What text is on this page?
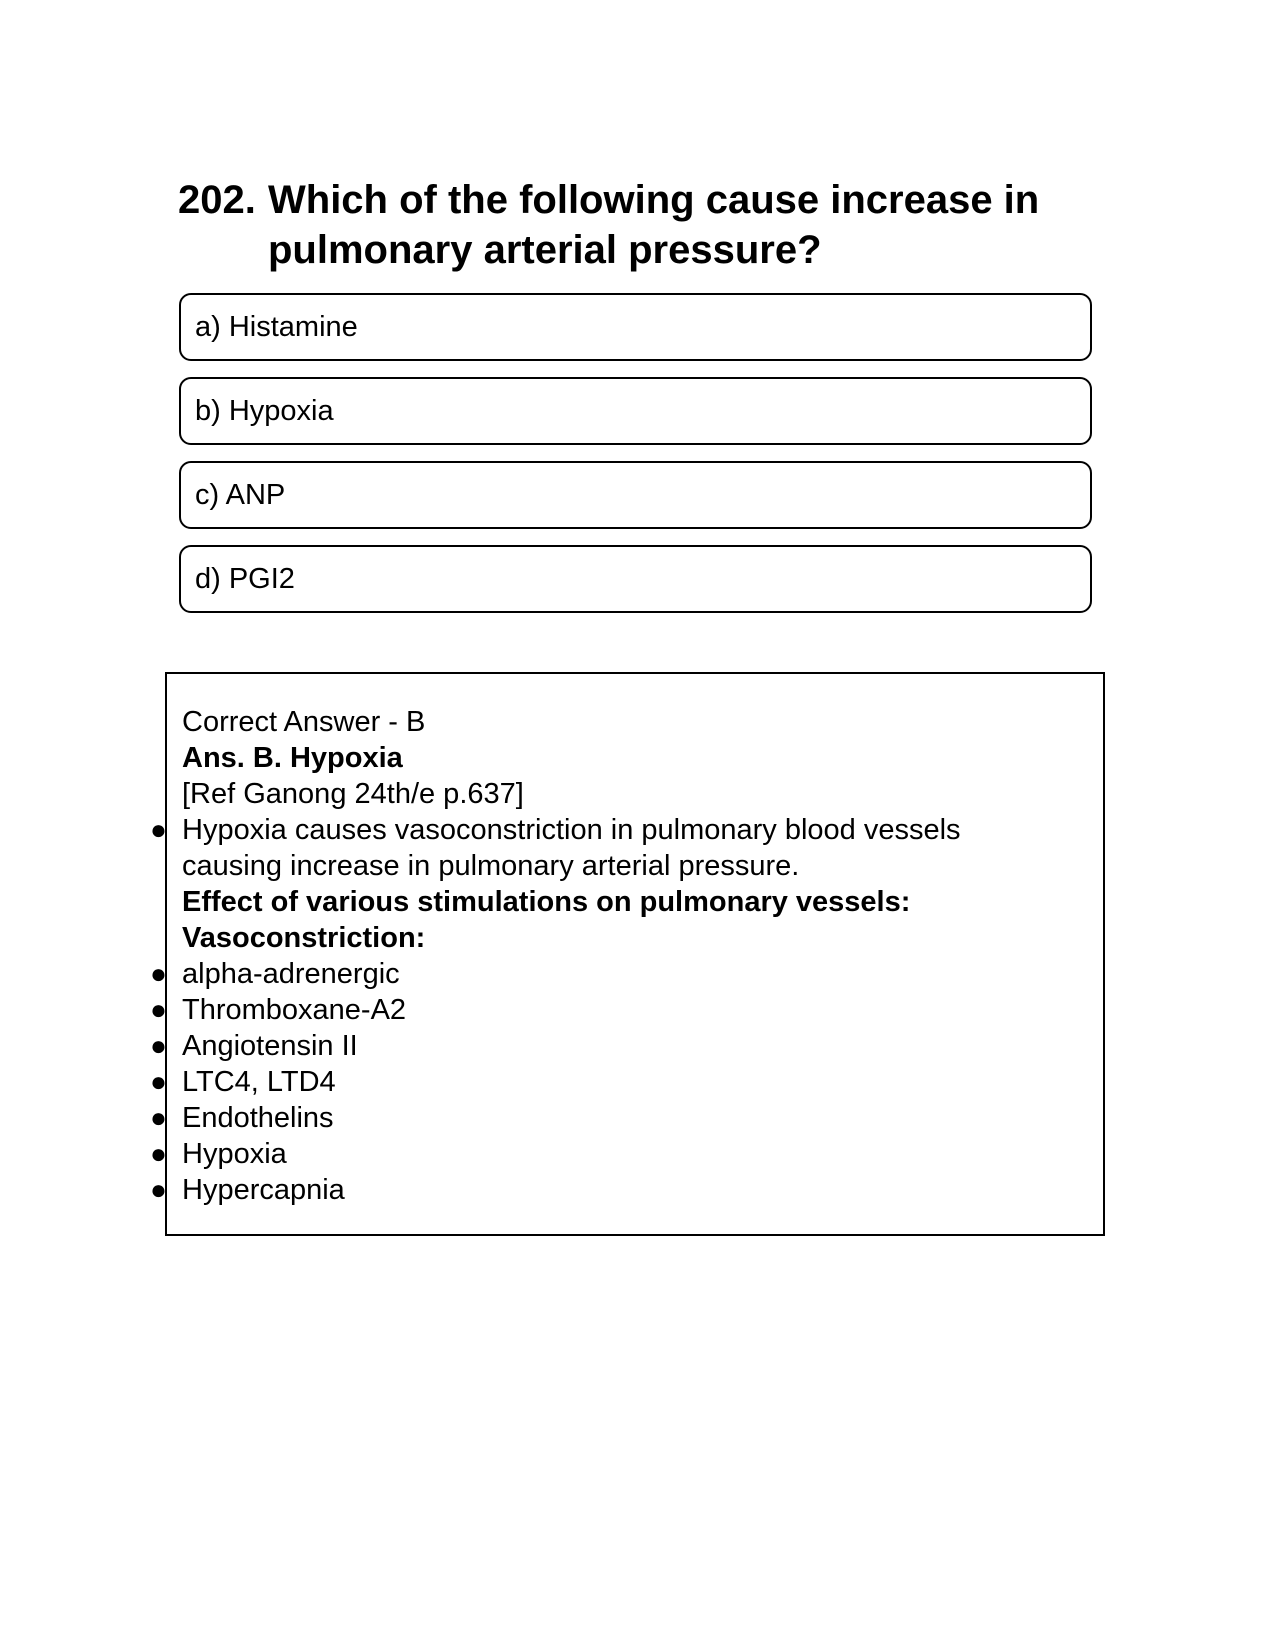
202. Which of the following cause increase in pulmonary arterial pressure?
a) Histamine
b) Hypoxia
c) ANP
d) PGI2
Correct Answer - B
Ans. B. Hypoxia
[Ref Ganong 24th/e p.637]
● Hypoxia causes vasoconstriction in pulmonary blood vessels causing increase in pulmonary arterial pressure.
Effect of various stimulations on pulmonary vessels:
Vasoconstriction:
● alpha-adrenergic
● Thromboxane-A2
● Angiotensin II
● LTC4, LTD4
● Endothelins
● Hypoxia
● Hypercapnia
